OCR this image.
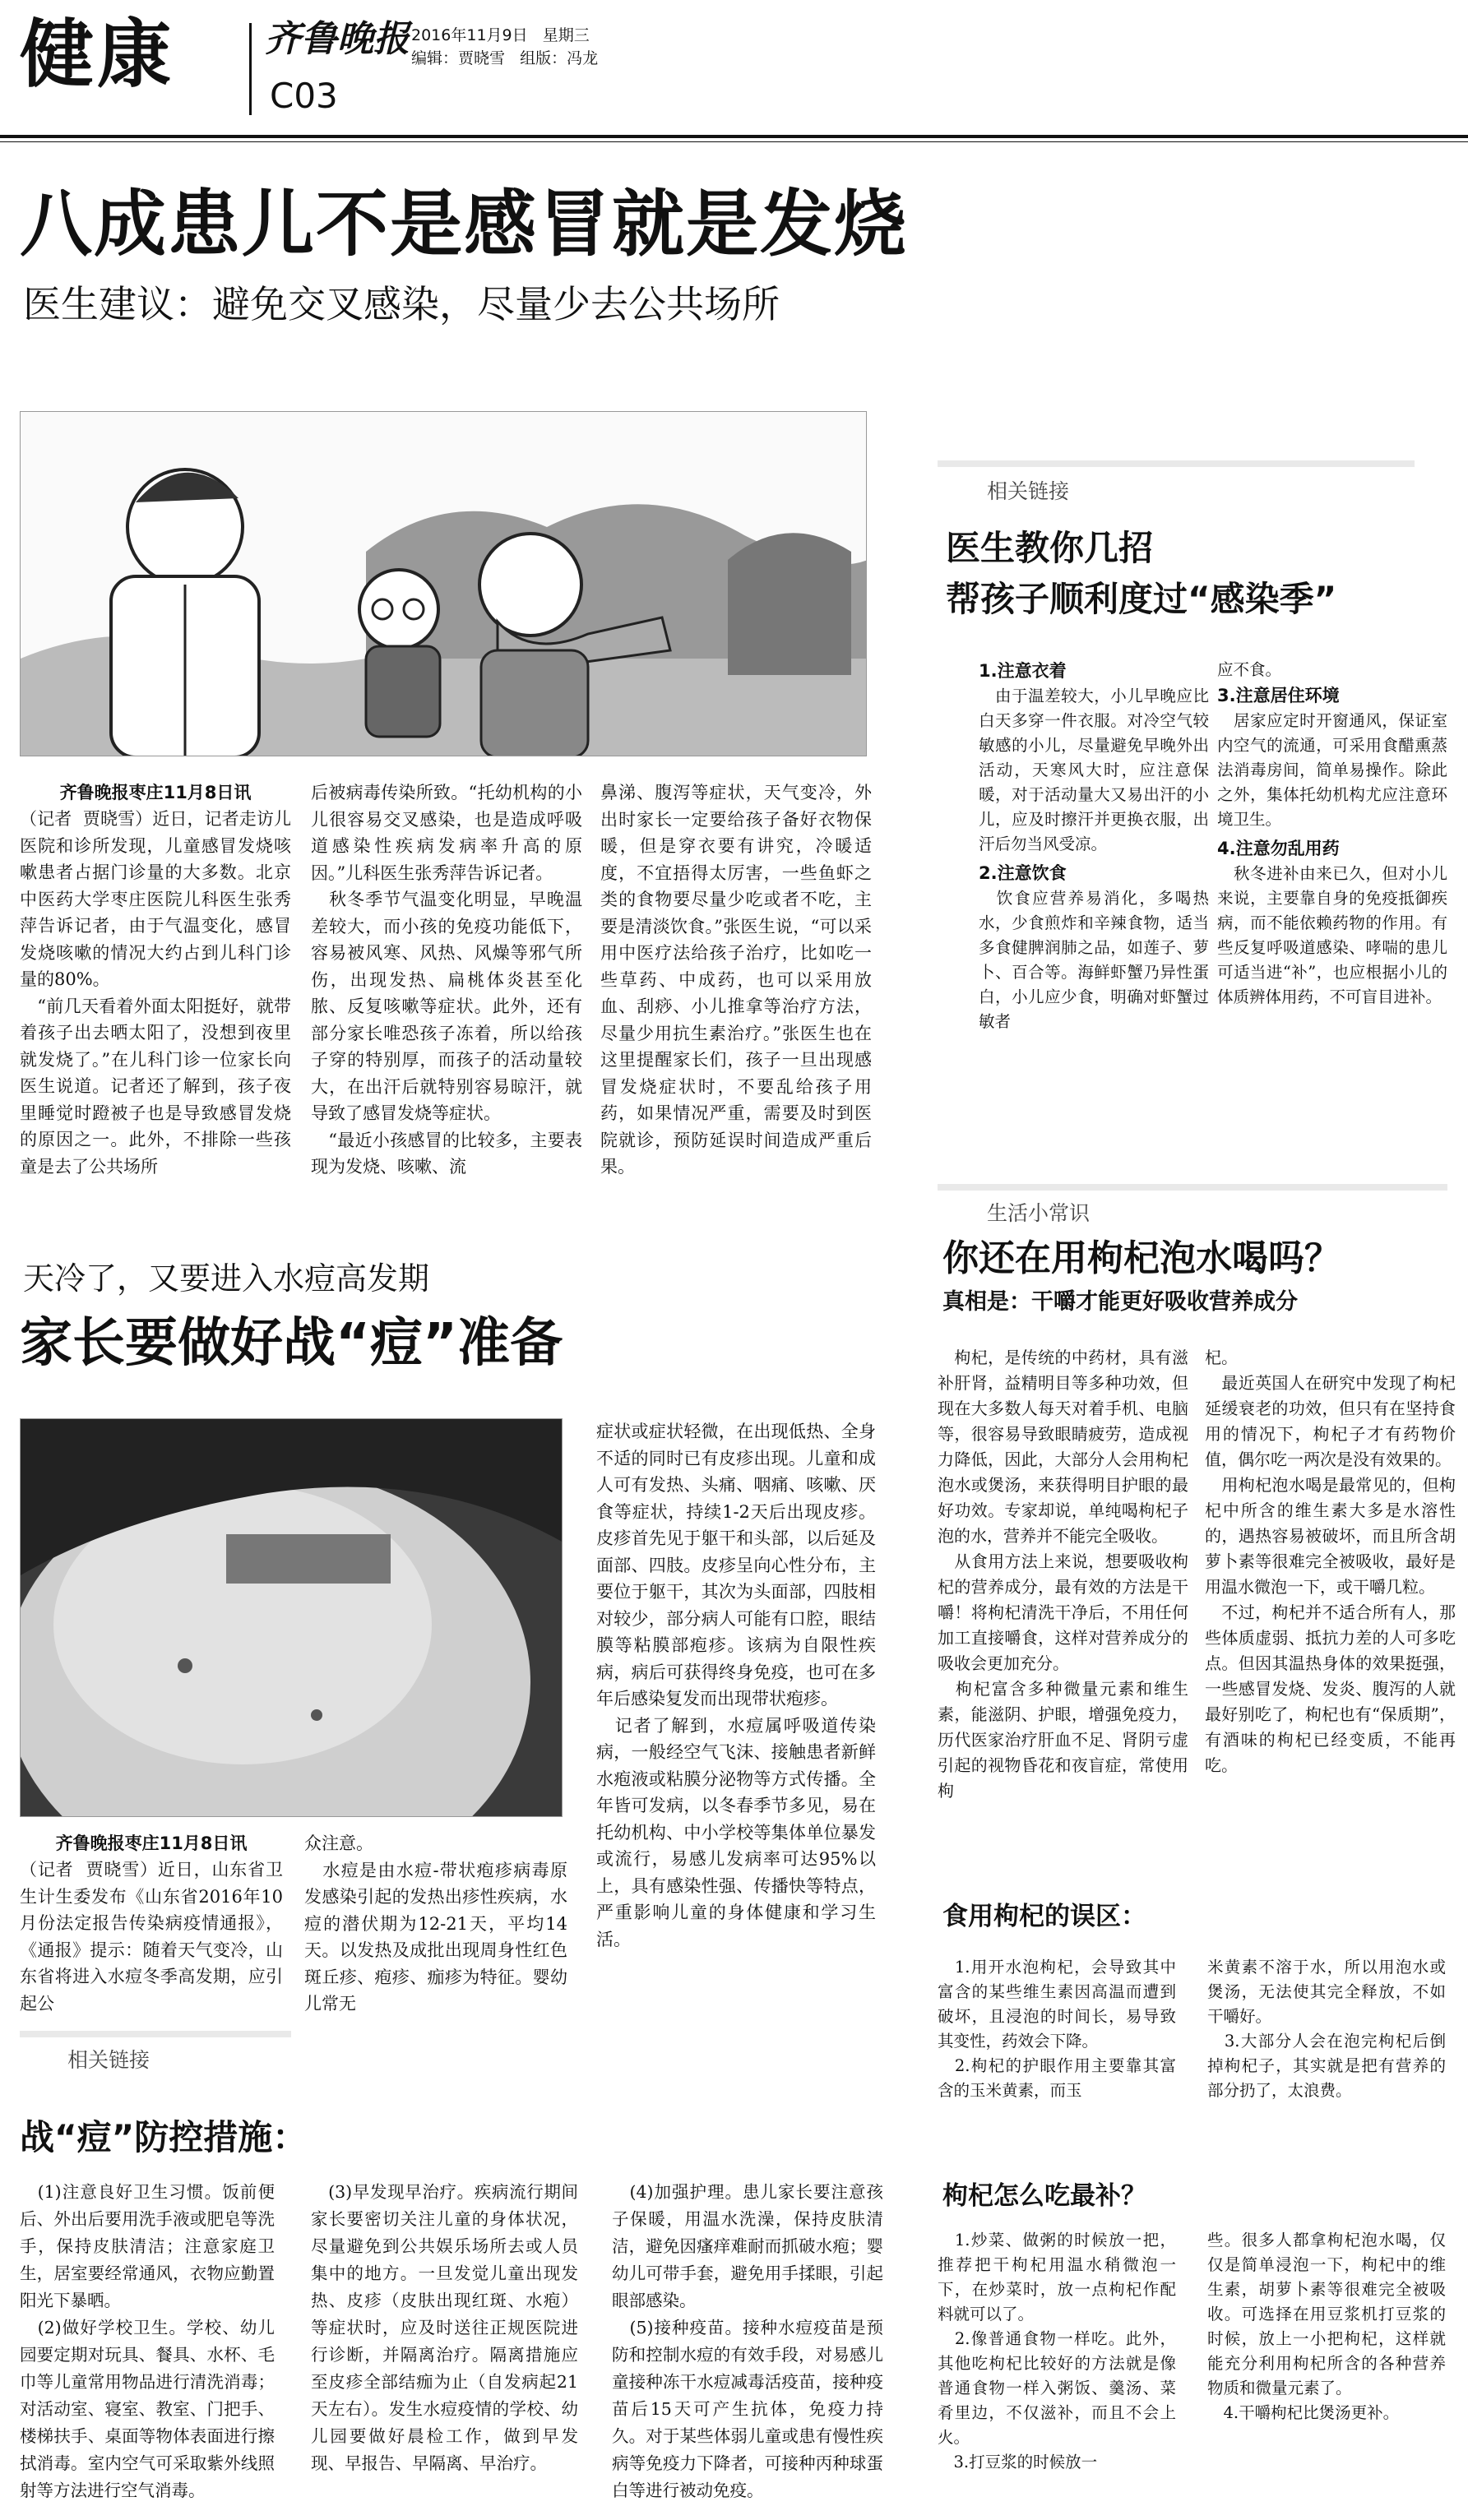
健康	齐鲁晚报
C03
2016年11月9日   星期三
编辑：贾晓雪   组版：冯龙
八成患儿不是感冒就是发烧
医生建议：避免交叉感染，尽量少去公共场所
齐鲁晚报枣庄11月8日讯
（记者  贾晓雪）近日，记者走访儿医院和诊所发现，儿童感冒发烧咳嗽患者占据门诊量的大多数。北京中医药大学枣庄医院儿科医生张秀萍告诉记者，由于气温变化，感冒发烧咳嗽的情况大约占到儿科门诊量的80%。
　“前几天看着外面太阳挺好，就带着孩子出去晒太阳了，没想到夜里就发烧了。”在儿科门诊一位家长向医生说道。记者还了解到，孩子夜里睡觉时蹬被子也是导致感冒发烧的原因之一。此外，不排除一些孩童是去了公共场所
后被病毒传染所致。“托幼机构的小儿很容易交叉感染，也是造成呼吸道感染性疾病发病率升高的原因。”儿科医生张秀萍告诉记者。
　秋冬季节气温变化明显，早晚温差较大，而小孩的免疫功能低下，容易被风寒、风热、风燥等邪气所伤，出现发热、扁桃体炎甚至化脓、反复咳嗽等症状。此外，还有部分家长唯恐孩子冻着，所以给孩子穿的特别厚，而孩子的活动量较大，在出汗后就特别容易晾汗，就导致了感冒发烧等症状。
　“最近小孩感冒的比较多，主要表现为发烧、咳嗽、流
鼻涕、腹泻等症状，天气变冷，外出时家长一定要给孩子备好衣物保暖，但是穿衣要有讲究，冷暖适度，不宜捂得太厉害，一些鱼虾之类的食物要尽量少吃或者不吃，主要是清淡饮食。”张医生说，“可以采用中医疗法给孩子治疗，比如吃一些草药、中成药，也可以采用放血、刮痧、小儿推拿等治疗方法，尽量少用抗生素治疗。”张医生也在这里提醒家长们，孩子一旦出现感冒发烧症状时，不要乱给孩子用药，如果情况严重，需要及时到医院就诊，预防延误时间造成严重后果。
相关链接
医生教你几招
帮孩子顺利度过“感染季”
1.注意衣着
　由于温差较大，小儿早晚应比白天多穿一件衣服。对冷空气较敏感的小儿，尽量避免早晚外出活动，天寒风大时，应注意保暖，对于活动量大又易出汗的小儿，应及时擦汗并更换衣服，出汗后勿当风受凉。
2.注意饮食
　饮食应营养易消化，多喝热水，少食煎炸和辛辣食物，适当多食健脾润肺之品，如莲子、萝卜、百合等。海鲜虾蟹乃异性蛋白，小儿应少食，明确对虾蟹过敏者
应不食。
3.注意居住环境
　居家应定时开窗通风，保证室内空气的流通，可采用食醋熏蒸法消毒房间，简单易操作。除此之外，集体托幼机构尤应注意环境卫生。
4.注意勿乱用药
　秋冬进补由来已久，但对小儿来说，主要靠自身的免疫抵御疾病，而不能依赖药物的作用。有些反复呼吸道感染、哮喘的患儿可适当进“补”，也应根据小儿的体质辨体用药，不可盲目进补。
天冷了，又要进入水痘高发期
家长要做好战“痘”准备
齐鲁晚报枣庄11月8日讯
（记者  贾晓雪）近日，山东省卫生计生委发布《山东省2016年10月份法定报告传染病疫情通报》，《通报》提示：随着天气变冷，山东省将进入水痘冬季高发期，应引起公
众注意。
　水痘是由水痘-带状疱疹病毒原发感染引起的发热出疹性疾病，水痘的潜伏期为12-21天，平均14天。以发热及成批出现周身性红色斑丘疹、疱疹、痂疹为特征。婴幼儿常无
症状或症状轻微，在出现低热、全身不适的同时已有皮疹出现。儿童和成人可有发热、头痛、咽痛、咳嗽、厌食等症状，持续1-2天后出现皮疹。皮疹首先见于躯干和头部，以后延及面部、四肢。皮疹呈向心性分布，主要位于躯干，其次为头面部，四肢相对较少，部分病人可能有口腔，眼结膜等粘膜部疱疹。该病为自限性疾病，病后可获得终身免疫，也可在多年后感染复发而出现带状疱疹。
　记者了解到，水痘属呼吸道传染病，一般经空气飞沫、接触患者新鲜水疱液或粘膜分泌物等方式传播。全年皆可发病，以冬春季节多见，易在托幼机构、中小学校等集体单位暴发或流行，易感儿发病率可达95%以上，具有感染性强、传播快等特点，严重影响儿童的身体健康和学习生活。
相关链接
战“痘”防控措施：
　(1)注意良好卫生习惯。饭前便后、外出后要用洗手液或肥皂等洗手，保持皮肤清洁；注意家庭卫生，居室要经常通风，衣物应勤置阳光下暴晒。
　(2)做好学校卫生。学校、幼儿园要定期对玩具、餐具、水杯、毛巾等儿童常用物品进行清洗消毒；对活动室、寝室、教室、门把手、楼梯扶手、桌面等物体表面进行擦拭消毒。室内空气可采取紫外线照射等方法进行空气消毒。
　(3)早发现早治疗。疾病流行期间家长要密切关注儿童的身体状况，尽量避免到公共娱乐场所去或人员集中的地方。一旦发觉儿童出现发热、皮疹（皮肤出现红斑、水疱）等症状时，应及时送往正规医院进行诊断，并隔离治疗。隔离措施应至皮疹全部结痂为止（自发病起21天左右）。发生水痘疫情的学校、幼儿园要做好晨检工作，做到早发现、早报告、早隔离、早治疗。
　(4)加强护理。患儿家长要注意孩子保暖，用温水洗澡，保持皮肤清洁，避免因瘙痒难耐而抓破水疱；婴幼儿可带手套，避免用手揉眼，引起眼部感染。
　(5)接种疫苗。接种水痘疫苗是预防和控制水痘的有效手段，对易感儿童接种冻干水痘减毒活疫苗，接种疫苗后15天可产生抗体，免疫力持久。对于某些体弱儿童或患有慢性疾病等免疫力下降者，可接种丙种球蛋白等进行被动免疫。
生活小常识
你还在用枸杞泡水喝吗？
真相是：干嚼才能更好吸收营养成分
　枸杞，是传统的中药材，具有滋补肝肾，益精明目等多种功效，但现在大多数人每天对着手机、电脑等，很容易导致眼睛疲劳，造成视力降低，因此，大部分人会用枸杞泡水或煲汤，来获得明目护眼的最好功效。专家却说，单纯喝枸杞子泡的水，营养并不能完全吸收。
　从食用方法上来说，想要吸收枸杞的营养成分，最有效的方法是干嚼！将枸杞清洗干净后，不用任何加工直接嚼食，这样对营养成分的吸收会更加充分。
　枸杞富含多种微量元素和维生素，能滋阴、护眼，增强免疫力，历代医家治疗肝血不足、肾阴亏虚引起的视物昏花和夜盲症，常使用枸
杞。
　最近英国人在研究中发现了枸杞延缓衰老的功效，但只有在坚持食用的情况下，枸杞子才有药物价值，偶尔吃一两次是没有效果的。
　用枸杞泡水喝是最常见的，但枸杞中所含的维生素大多是水溶性的，遇热容易被破坏，而且所含胡萝卜素等很难完全被吸收，最好是用温水微泡一下，或干嚼几粒。
　不过，枸杞并不适合所有人，那些体质虚弱、抵抗力差的人可多吃点。但因其温热身体的效果挺强，一些感冒发烧、发炎、腹泻的人就最好别吃了，枸杞也有“保质期”，有酒味的枸杞已经变质，不能再吃。
食用枸杞的误区：
　1.用开水泡枸杞，会导致其中富含的某些维生素因高温而遭到破坏，且浸泡的时间长，易导致其变性，药效会下降。
　2.枸杞的护眼作用主要靠其富含的玉米黄素，而玉
米黄素不溶于水，所以用泡水或煲汤，无法使其完全释放，不如干嚼好。
　3.大部分人会在泡完枸杞后倒掉枸杞子，其实就是把有营养的部分扔了，太浪费。
枸杞怎么吃最补？
　1.炒菜、做粥的时候放一把，推荐把干枸杞用温水稍微泡一下，在炒菜时，放一点枸杞作配料就可以了。
　2.像普通食物一样吃。此外，其他吃枸杞比较好的方法就是像普通食物一样入粥饭、羹汤、菜肴里边，不仅滋补，而且不会上火。
　3.打豆浆的时候放一
些。很多人都拿枸杞泡水喝，仅仅是简单浸泡一下，枸杞中的维生素，胡萝卜素等很难完全被吸收。可选择在用豆浆机打豆浆的时候，放上一小把枸杞，这样就能充分利用枸杞所含的各种营养物质和微量元素了。
　4.干嚼枸杞比煲汤更补。
